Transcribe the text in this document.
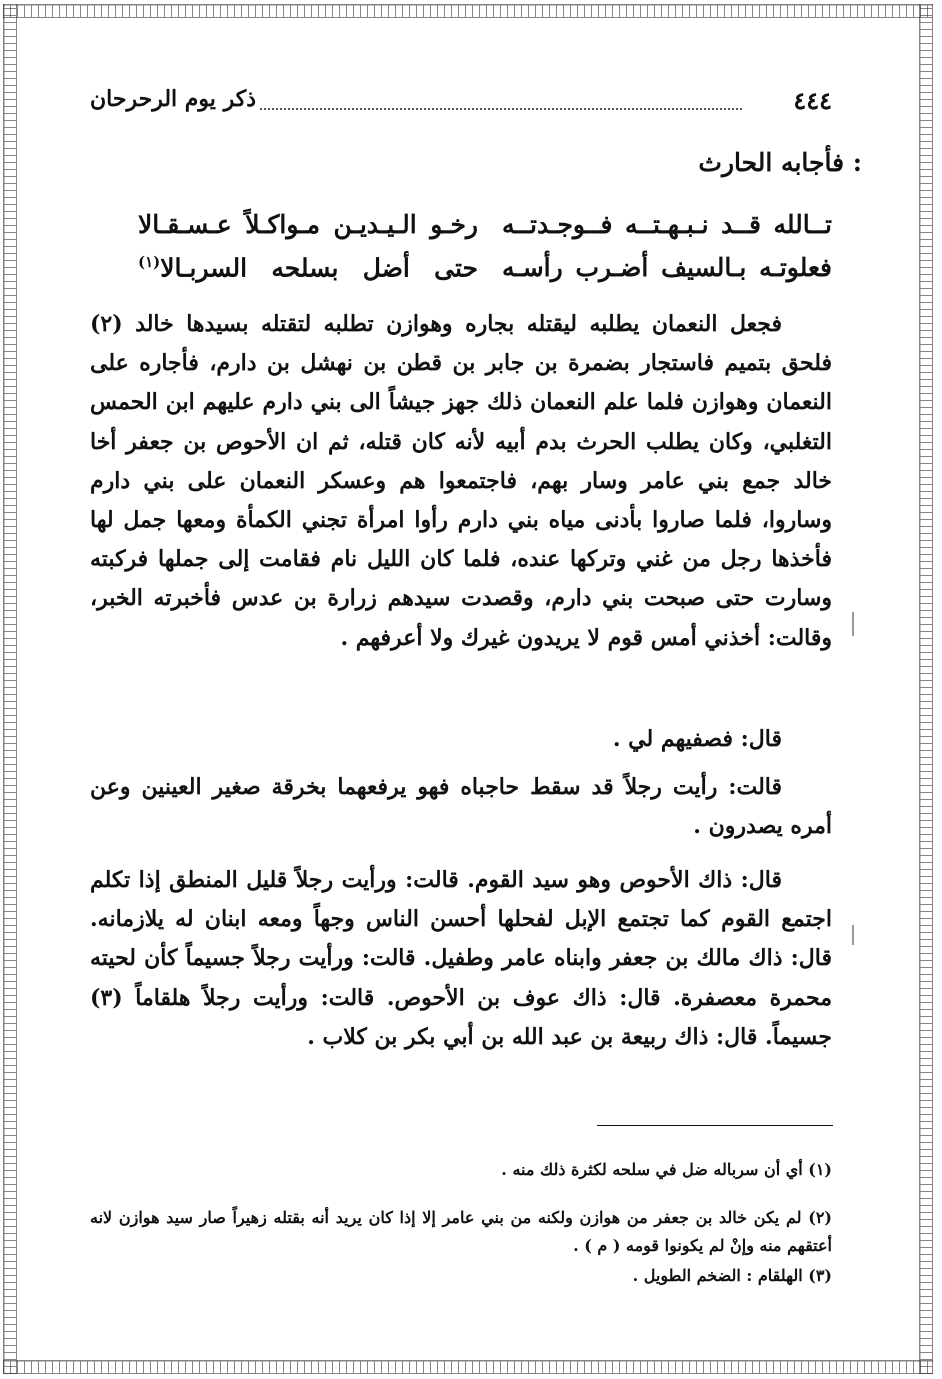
٤٤٤
ذكر يوم الرحرحان
فأجابه الحارث :
تــالله قــد نـبـهـتــه فــوجـدتــه
رخـو الـيـديـن مـواكـلاً عـسـقـالا
فعلوتـه بـالسيف أضـرب رأسـه
حتى أضل بسلحه السربـالا$^{(١)}$
فجعل النعمان يطلبه ليقتله بجاره وهوازن تطلبه لتقتله بسيدها خالد (٢) فلحق بتميم فاستجار بضمرة بن جابر بن قطن بن نهشل بن دارم، فأجاره على النعمان وهوازن فلما علم النعمان ذلك جهز جيشاً الى بني دارم عليهم ابن الحمس التغلبي، وكان يطلب الحرث بدم أبيه لأنه كان قتله، ثم ان الأحوص بن جعفر أخا خالد جمع بني عامر وسار بهم، فاجتمعوا هم وعسكر النعمان على بني دارم وساروا، فلما صاروا بأدنى مياه بني دارم رأوا امرأة تجني الكمأة ومعها جمل لها فأخذها رجل من غني وتركها عنده، فلما كان الليل نام فقامت إلى جملها فركبته وسارت حتى صبحت بني دارم، وقصدت سيدهم زرارة بن عدس فأخبرته الخبر، وقالت: أخذني أمس قوم لا يريدون غيرك ولا أعرفهم .
قال: فصفيهم لي .
قالت: رأيت رجلاً قد سقط حاجباه فهو يرفعهما بخرقة صغير العينين وعن أمره يصدرون .
قال: ذاك الأحوص وهو سيد القوم. قالت: ورأيت رجلاً قليل المنطق إذا تكلم اجتمع القوم كما تجتمع الإبل لفحلها أحسن الناس وجهاً ومعه ابنان له يلازمانه. قال: ذاك مالك بن جعفر وابناه عامر وطفيل. قالت: ورأيت رجلاً جسيماً كأن لحيته محمرة معصفرة. قال: ذاك عوف بن الأحوص. قالت: ورأيت رجلاً هلقاماً (٣) جسيماً. قال: ذاك ربيعة بن عبد الله بن أبي بكر بن كلاب .
(١) أي أن سرباله ضل في سلحه لكثرة ذلك منه .
(٢) لم يكن خالد بن جعفر من هوازن ولكنه من بني عامر إلا إذا كان يريد أنه بقتله زهيراً صار سيد هوازن لانه أعتقهم منه وإنْ لم يكونوا قومه ( م ) .
(٣) الهلقام : الضخم الطويل .
